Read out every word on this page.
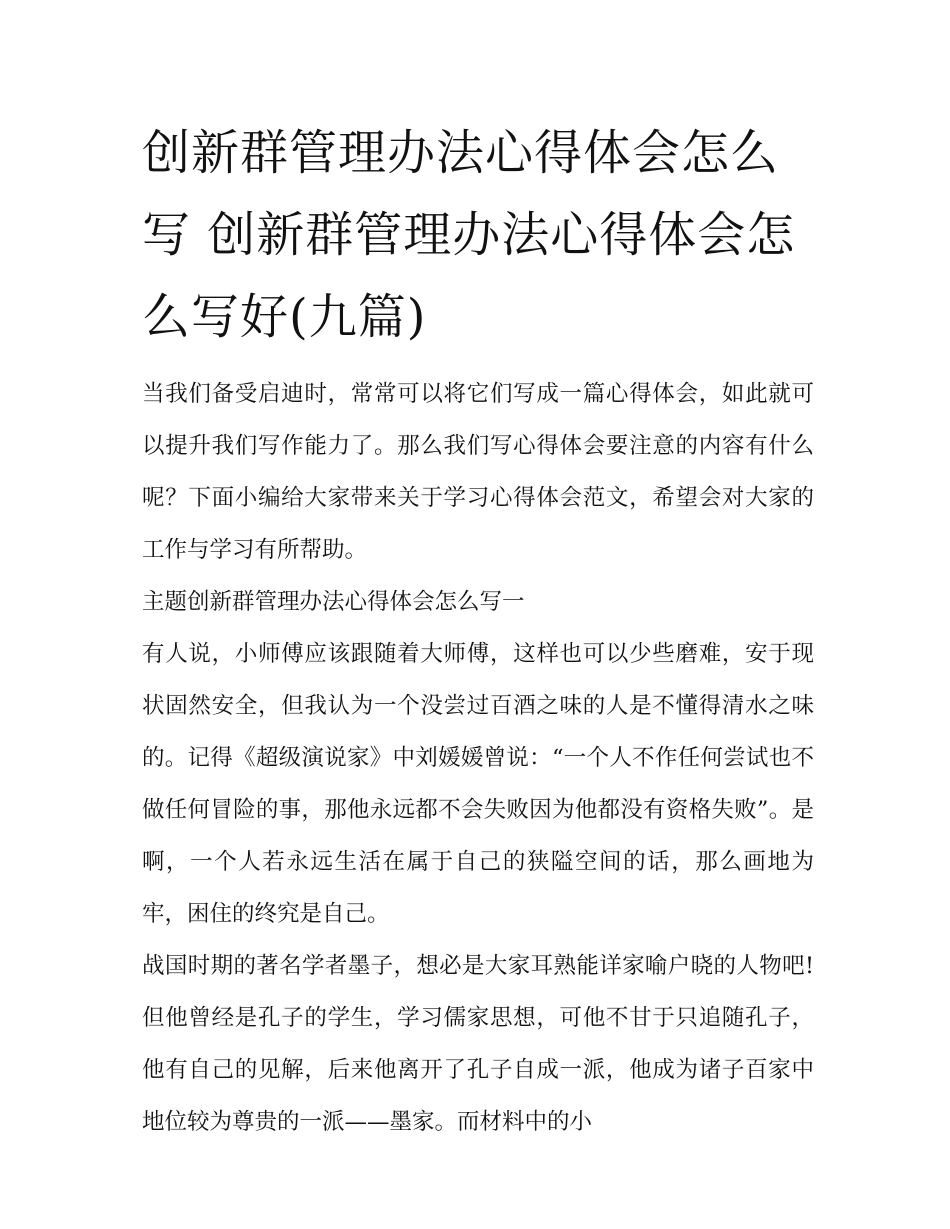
创新群管理办法心得体会怎么写 创新群管理办法心得体会怎么写好(九篇)

当我们备受启迪时，常常可以将它们写成一篇心得体会，如此就可以提升我们写作能力了。那么我们写心得体会要注意的内容有什么呢？下面小编给大家带来关于学习心得体会范文，希望会对大家的工作与学习有所帮助。

主题创新群管理办法心得体会怎么写一

有人说，小师傅应该跟随着大师傅，这样也可以少些磨难，安于现状固然安全，但我认为一个没尝过百酒之味的人是不懂得清水之味的。记得《超级演说家》中刘媛媛曾说：“一个人不作任何尝试也不做任何冒险的事，那他永远都不会失败因为他都没有资格失败”。是啊，一个人若永远生活在属于自己的狭隘空间的话，那么画地为牢，困住的终究是自己。

战国时期的著名学者墨子，想必是大家耳熟能详家喻户晓的人物吧!但他曾经是孔子的学生，学习儒家思想，可他不甘于只追随孔子，他有自己的见解，后来他离开了孔子自成一派，他成为诸子百家中地位较为尊贵的一派——墨家。而材料中的小
